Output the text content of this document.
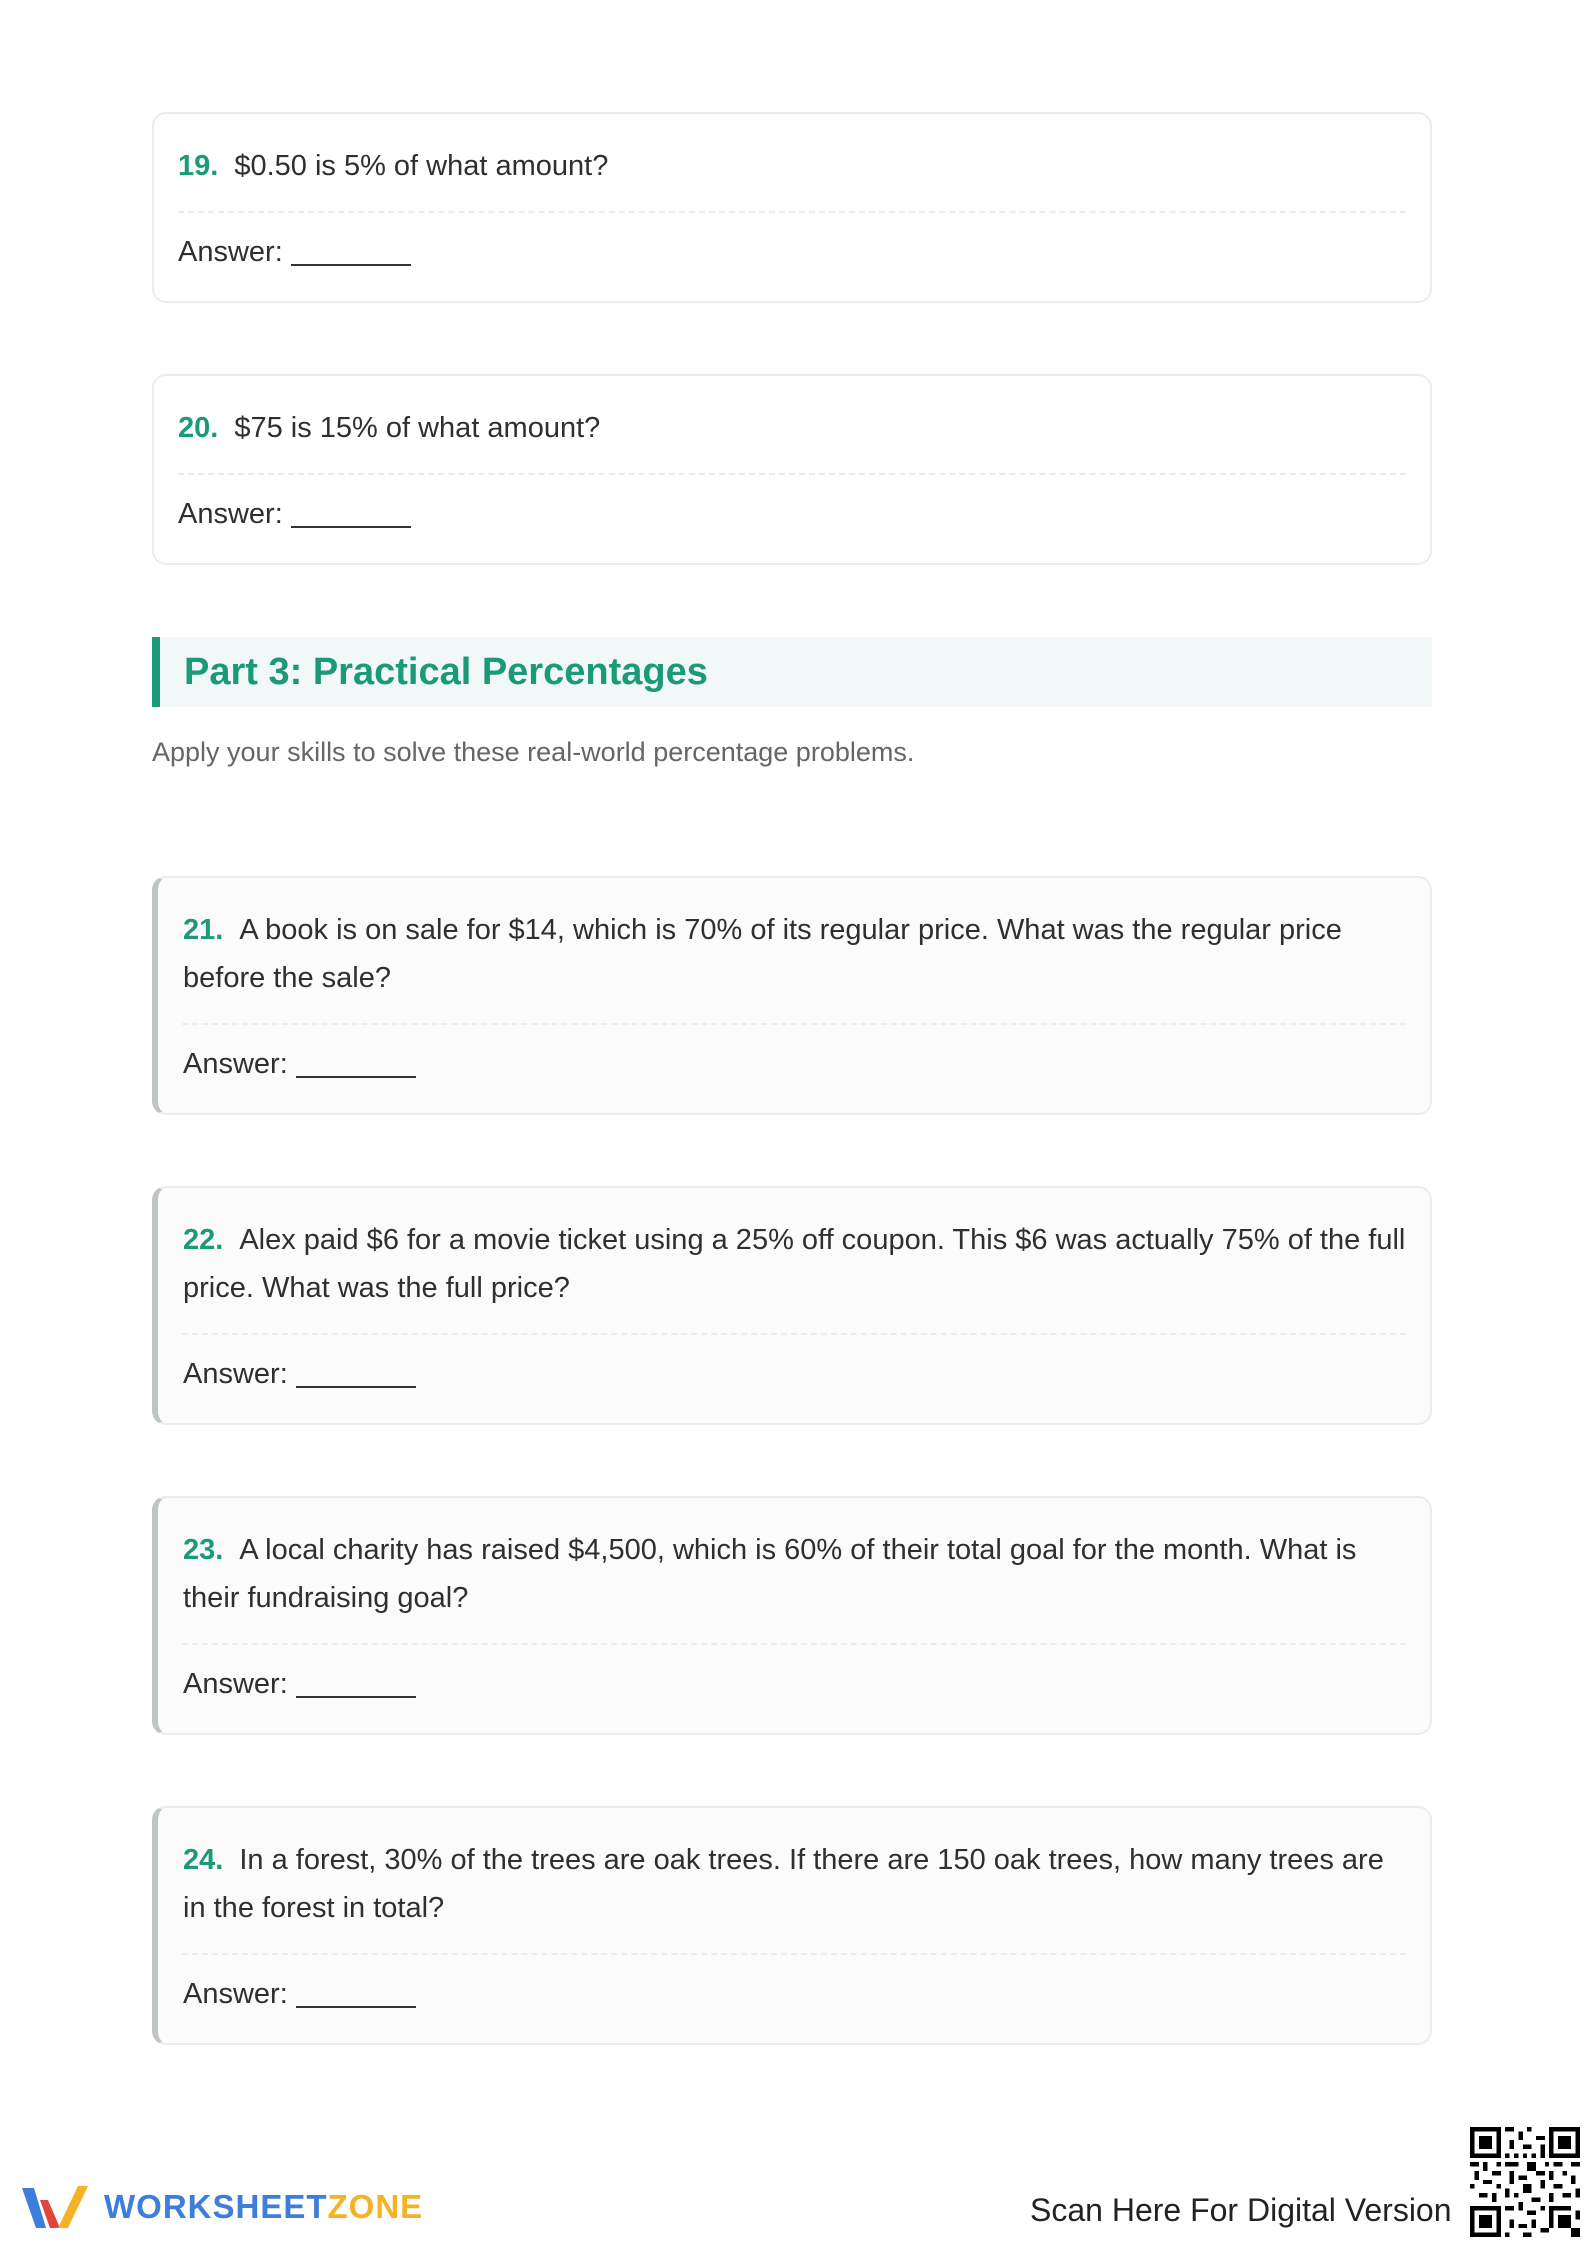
19. $0.50 is 5% of what amount?
Answer:
20. $75 is 15% of what amount?
Answer:
Part 3: Practical Percentages
Apply your skills to solve these real-world percentage problems.
21. A book is on sale for $14, which is 70% of its regular price. What was the regular price before the sale?
Answer:
22. Alex paid $6 for a movie ticket using a 25% off coupon. This $6 was actually 75% of the full price. What was the full price?
Answer:
23. A local charity has raised $4,500, which is 60% of their total goal for the month. What is their fundraising goal?
Answer:
24. In a forest, 30% of the trees are oak trees. If there are 150 oak trees, how many trees are in the forest in total?
Answer:
WORKSHEETZONE	Scan Here For Digital Version
